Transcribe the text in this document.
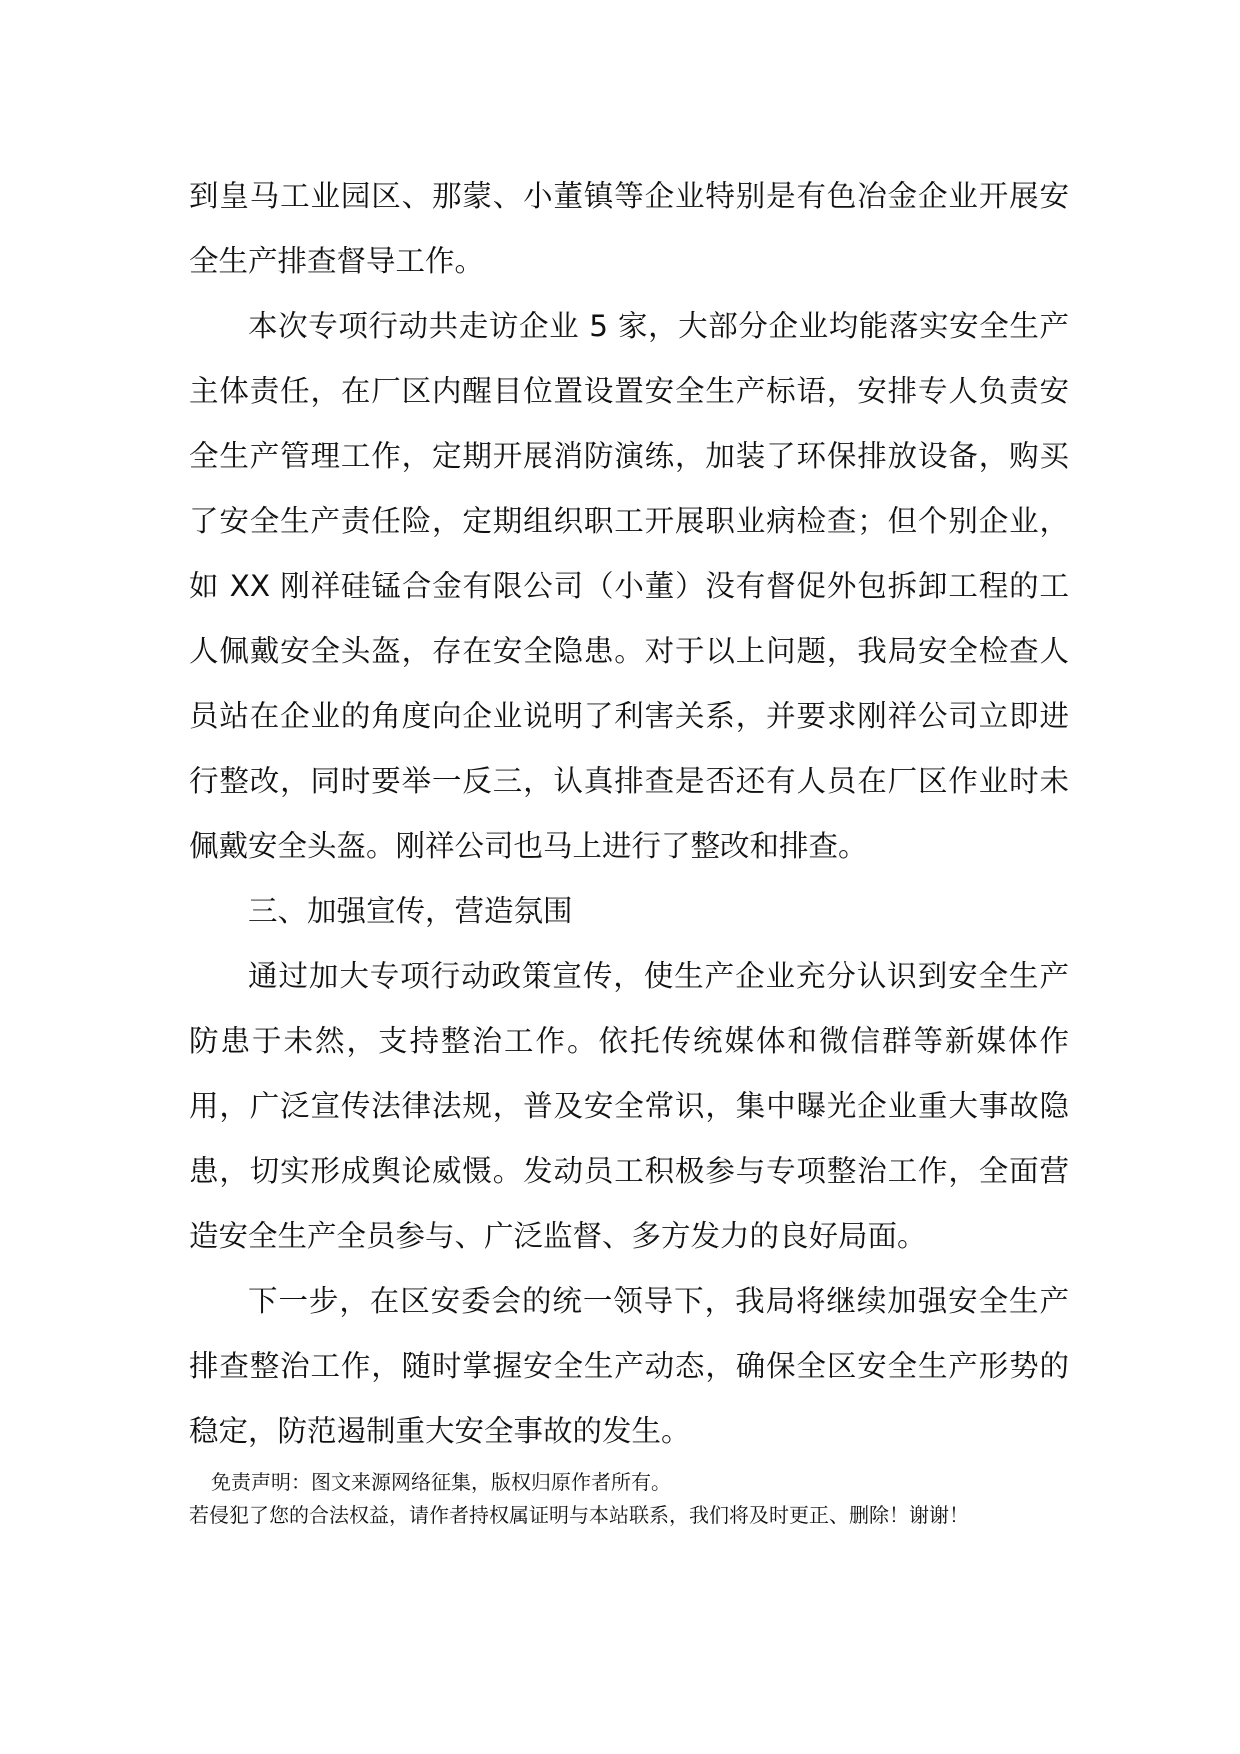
到皇马工业园区、那蒙、小董镇等企业特别是有色冶金企业开展安全生产排查督导工作。

本次专项行动共走访企业 5 家，大部分企业均能落实安全生产主体责任，在厂区内醒目位置设置安全生产标语，安排专人负责安全生产管理工作，定期开展消防演练，加装了环保排放设备，购买了安全生产责任险，定期组织职工开展职业病检查；但个别企业，如 XX 刚祥硅锰合金有限公司（小董）没有督促外包拆卸工程的工人佩戴安全头盔，存在安全隐患。对于以上问题，我局安全检查人员站在企业的角度向企业说明了利害关系，并要求刚祥公司立即进行整改，同时要举一反三，认真排查是否还有人员在厂区作业时未佩戴安全头盔。刚祥公司也马上进行了整改和排查。

三、加强宣传，营造氛围

通过加大专项行动政策宣传，使生产企业充分认识到安全生产防患于未然，支持整治工作。依托传统媒体和微信群等新媒体作用，广泛宣传法律法规，普及安全常识，集中曝光企业重大事故隐患，切实形成舆论威慑。发动员工积极参与专项整治工作，全面营造安全生产全员参与、广泛监督、多方发力的良好局面。

下一步，在区安委会的统一领导下，我局将继续加强安全生产排查整治工作，随时掌握安全生产动态，确保全区安全生产形势的稳定，防范遏制重大安全事故的发生。

免责声明：图文来源网络征集，版权归原作者所有。
若侵犯了您的合法权益，请作者持权属证明与本站联系，我们将及时更正、删除！谢谢！
